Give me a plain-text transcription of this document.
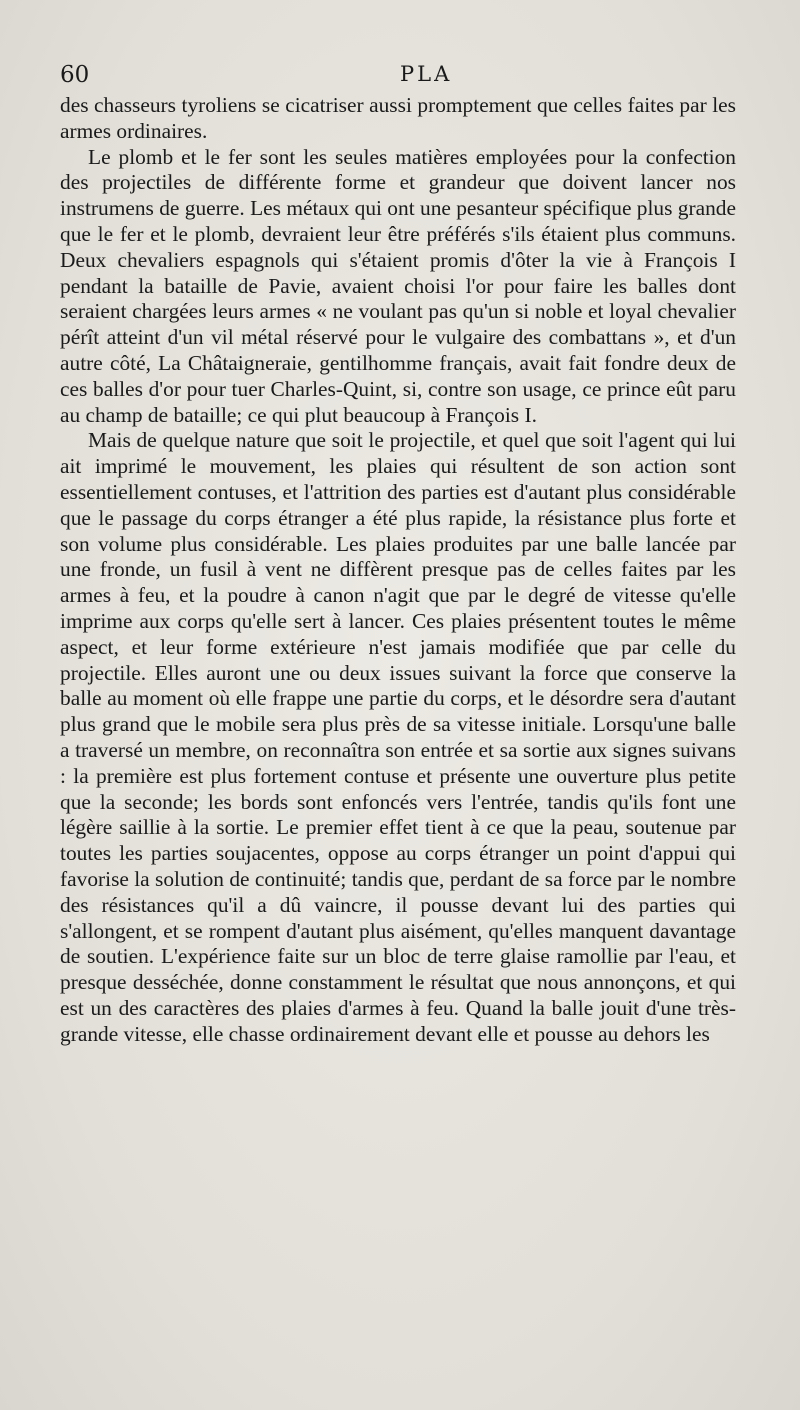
60	PLA

des chasseurs tyroliens se cicatriser aussi promptement que celles faites par les armes ordinaires.

Le plomb et le fer sont les seules matières employées pour la confection des projectiles de différente forme et grandeur que doivent lancer nos instrumens de guerre. Les métaux qui ont une pesanteur spécifique plus grande que le fer et le plomb, devraient leur être préférés s'ils étaient plus communs. Deux chevaliers espagnols qui s'étaient promis d'ôter la vie à François I pendant la bataille de Pavie, avaient choisi l'or pour faire les balles dont seraient chargées leurs armes « ne voulant pas qu'un si noble et loyal chevalier pérît atteint d'un vil métal réservé pour le vulgaire des combattans », et d'un autre côté, La Châtaigneraie, gentilhomme français, avait fait fondre deux de ces balles d'or pour tuer Charles-Quint, si, contre son usage, ce prince eût paru au champ de bataille; ce qui plut beaucoup à François I.

Mais de quelque nature que soit le projectile, et quel que soit l'agent qui lui ait imprimé le mouvement, les plaies qui résultent de son action sont essentiellement contuses, et l'attrition des parties est d'autant plus considérable que le passage du corps étranger a été plus rapide, la résistance plus forte et son volume plus considérable. Les plaies produites par une balle lancée par une fronde, un fusil à vent ne diffèrent presque pas de celles faites par les armes à feu, et la poudre à canon n'agit que par le degré de vitesse qu'elle imprime aux corps qu'elle sert à lancer. Ces plaies présentent toutes le même aspect, et leur forme extérieure n'est jamais modifiée que par celle du projectile. Elles auront une ou deux issues suivant la force que conserve la balle au moment où elle frappe une partie du corps, et le désordre sera d'autant plus grand que le mobile sera plus près de sa vitesse initiale. Lorsqu'une balle a traversé un membre, on reconnaîtra son entrée et sa sortie aux signes suivans : la première est plus fortement contuse et présente une ouverture plus petite que la seconde; les bords sont enfoncés vers l'entrée, tandis qu'ils font une légère saillie à la sortie. Le premier effet tient à ce que la peau, soutenue par toutes les parties soujacentes, oppose au corps étranger un point d'appui qui favorise la solution de continuité; tandis que, perdant de sa force par le nombre des résistances qu'il a dû vaincre, il pousse devant lui des parties qui s'allongent, et se rompent d'autant plus aisément, qu'elles manquent davantage de soutien. L'expérience faite sur un bloc de terre glaise ramollie par l'eau, et presque desséchée, donne constamment le résultat que nous annonçons, et qui est un des caractères des plaies d'armes à feu. Quand la balle jouit d'une très-grande vitesse, elle chasse ordinairement devant elle et pousse au dehors les
